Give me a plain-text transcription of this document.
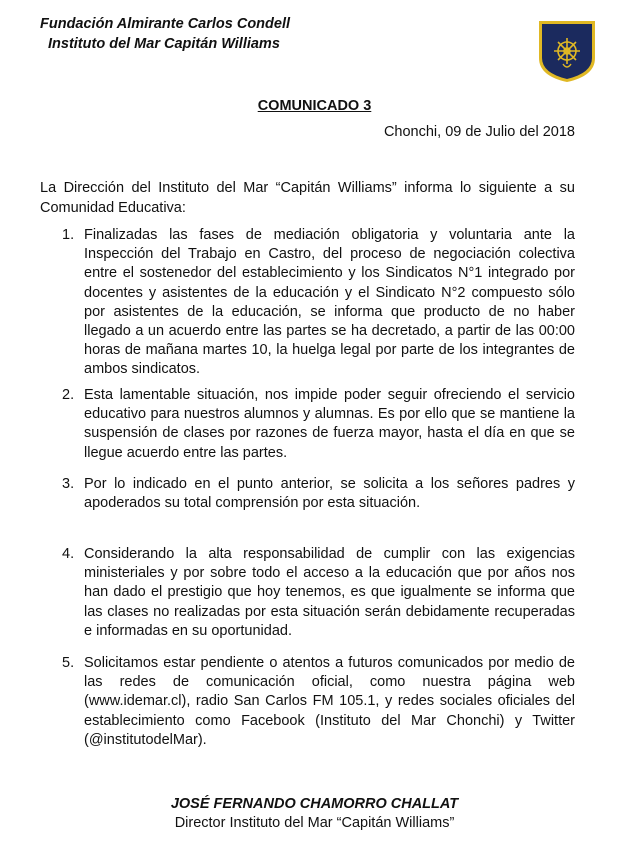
Fundación Almirante Carlos Condell
Instituto del Mar Capitán Williams
COMUNICADO 3
Chonchi, 09 de Julio del 2018
La Dirección del Instituto del Mar “Capitán Williams” informa lo siguiente a su Comunidad Educativa:
1. Finalizadas las fases de mediación obligatoria y voluntaria ante la Inspección del Trabajo en Castro, del proceso de negociación colectiva entre el sostenedor del establecimiento y los Sindicatos N°1 integrado por docentes y asistentes de la educación y el Sindicato N°2 compuesto sólo por asistentes de la educación, se informa que producto de no haber llegado a un acuerdo entre las partes se ha decretado, a partir de las 00:00 horas de mañana martes 10, la huelga legal por parte de los integrantes de ambos sindicatos.
2. Esta lamentable situación, nos impide poder seguir ofreciendo el servicio educativo para nuestros alumnos y alumnas. Es por ello que se mantiene la suspensión de clases por razones de fuerza mayor, hasta el día en que se llegue acuerdo entre las partes.
3. Por lo indicado en el punto anterior, se solicita a los señores padres y apoderados su total comprensión por esta situación.
4. Considerando la alta responsabilidad de cumplir con las exigencias ministeriales y por sobre todo el acceso a la educación que por años nos han dado el prestigio que hoy tenemos, es que igualmente se informa que las clases no realizadas por esta situación serán debidamente recuperadas e informadas en su oportunidad.
5. Solicitamos estar pendiente o atentos a futuros comunicados por medio de las redes de comunicación oficial, como nuestra página web (www.idemar.cl), radio San Carlos FM 105.1, y redes sociales oficiales del establecimiento como Facebook (Instituto del Mar Chonchi) y Twitter (@institutodelMar).
JOSÉ FERNANDO CHAMORRO CHALLAT
Director Instituto del Mar “Capitán Williams”
